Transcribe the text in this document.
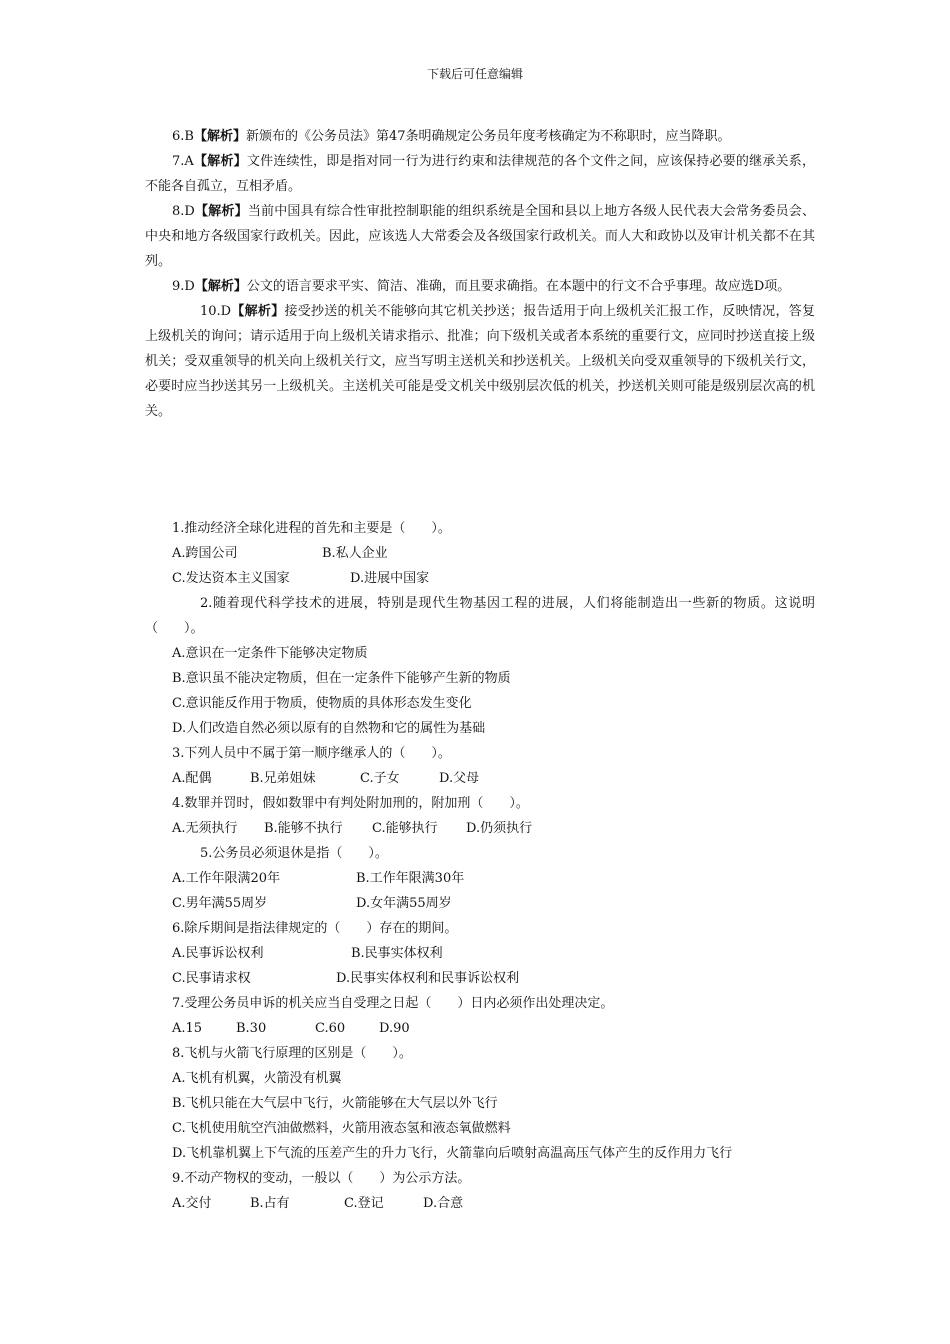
下载后可任意编辑

6.B【解析】新颁布的《公务员法》第47条明确规定公务员年度考核确定为不称职时，应当降职。

7.A【解析】文件连续性，即是指对同一行为进行约束和法律规范的各个文件之间，应该保持必要的继承关系，不能各自孤立，互相矛盾。

8.D【解析】当前中国具有综合性审批控制职能的组织系统是全国和县以上地方各级人民代表大会常务委员会、中央和地方各级国家行政机关。因此，应该选人大常委会及各级国家行政机关。而人大和政协以及审计机关都不在其列。

9.D【解析】公文的语言要求平实、简洁、准确，而且要求确指。在本题中的行文不合乎事理。故应选D项。

10.D【解析】接受抄送的机关不能够向其它机关抄送；报告适用于向上级机关汇报工作，反映情况，答复上级机关的询问；请示适用于向上级机关请求指示、批准；向下级机关或者本系统的重要行文，应同时抄送直接上级机关；受双重领导的机关向上级机关行文，应当写明主送机关和抄送机关。上级机关向受双重领导的下级机关行文，必要时应当抄送其另一上级机关。主送机关可能是受文机关中级别层次低的机关，抄送机关则可能是级别层次高的机关。

1.推动经济全球化进程的首先和主要是（　　）。

A.跨国公司	B.私人企业

C.发达资本主义国家	D.进展中国家

2.随着现代科学技术的进展，特别是现代生物基因工程的进展，人们将能制造出一些新的物质。这说明（　　）。

A.意识在一定条件下能够决定物质

B.意识虽不能决定物质，但在一定条件下能够产生新的物质

C.意识能反作用于物质，使物质的具体形态发生变化

D.人们改造自然必须以原有的自然物和它的属性为基础

3.下列人员中不属于第一顺序继承人的（　　）。

A.配偶	B.兄弟姐妹	C.子女	D.父母

4.数罪并罚时，假如数罪中有判处附加刑的，附加刑（　　）。

A.无须执行 B.能够不执行 C.能够执行 D.仍须执行

5.公务员必须退休是指（　　）。

A.工作年限满20年	B.工作年限满30年

C.男年满55周岁	D.女年满55周岁

6.除斥期间是指法律规定的（　　）存在的期间。

A.民事诉讼权利	B.民事实体权利

C.民事请求权	D.民事实体权利和民事诉讼权利

7.受理公务员申诉的机关应当自受理之日起（　　）日内必须作出处理决定。

A.15	B.30	C.60	D.90

8.飞机与火箭飞行原理的区别是（　　）。

A.飞机有机翼，火箭没有机翼

B.飞机只能在大气层中飞行，火箭能够在大气层以外飞行

C.飞机使用航空汽油做燃料，火箭用液态氢和液态氧做燃料

D.飞机靠机翼上下气流的压差产生的升力飞行，火箭靠向后喷射高温高压气体产生的反作用力飞行

9.不动产物权的变动，一般以（　　）为公示方法。

A.交付	B.占有	C.登记	D.合意
